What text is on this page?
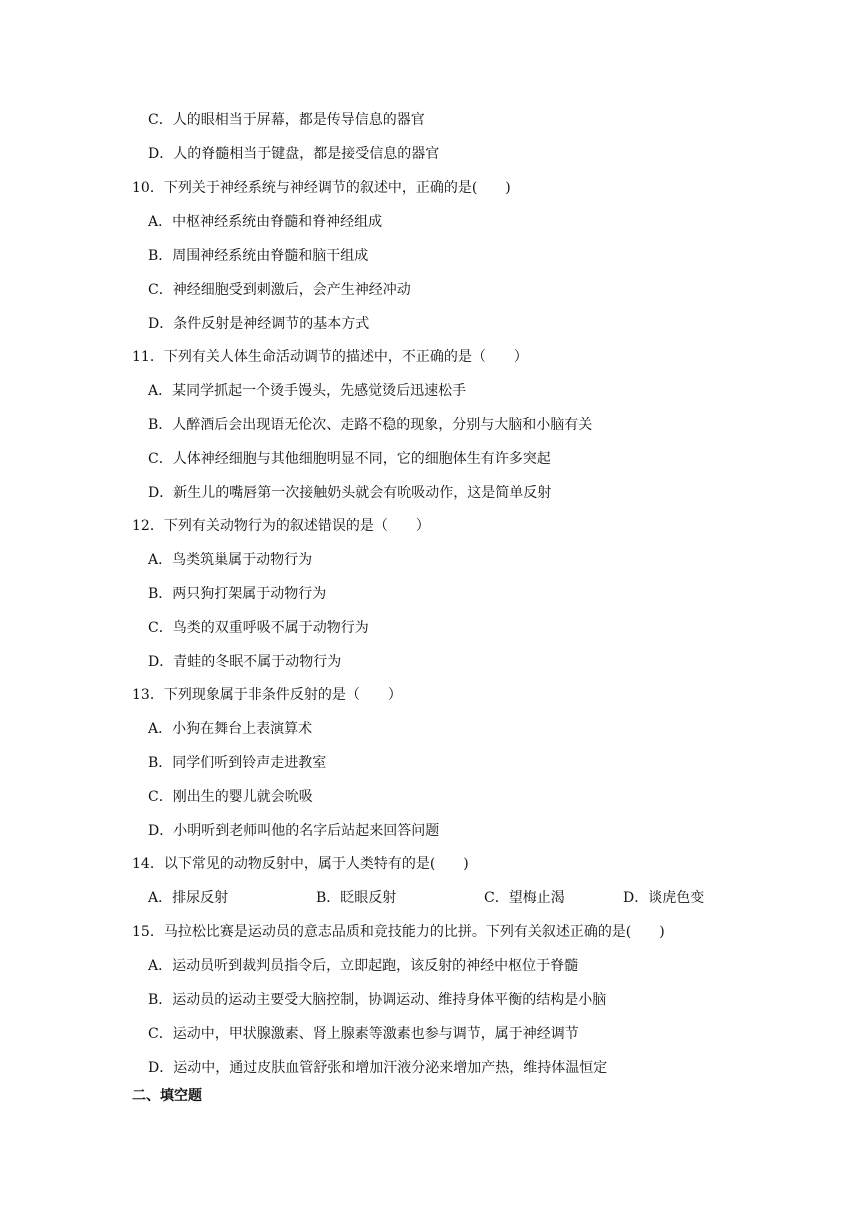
C．人的眼相当于屏幕，都是传导信息的器官
D．人的脊髓相当于键盘，都是接受信息的器官
10．下列关于神经系统与神经调节的叙述中，正确的是(　　)
A．中枢神经系统由脊髓和脊神经组成
B．周围神经系统由脊髓和脑干组成
C．神经细胞受到刺激后，会产生神经冲动
D．条件反射是神经调节的基本方式
11．下列有关人体生命活动调节的描述中，不正确的是（　　）
A．某同学抓起一个烫手馒头，先感觉烫后迅速松手
B．人醉酒后会出现语无伦次、走路不稳的现象，分别与大脑和小脑有关
C．人体神经细胞与其他细胞明显不同，它的细胞体生有许多突起
D．新生儿的嘴唇第一次接触奶头就会有吮吸动作，这是简单反射
12．下列有关动物行为的叙述错误的是（　　）
A．鸟类筑巢属于动物行为
B．两只狗打架属于动物行为
C．鸟类的双重呼吸不属于动物行为
D．青蛙的冬眠不属于动物行为
13．下列现象属于非条件反射的是（　　）
A．小狗在舞台上表演算术
B．同学们听到铃声走进教室
C．刚出生的婴儿就会吮吸
D．小明听到老师叫他的名字后站起来回答问题
14．以下常见的动物反射中，属于人类特有的是(　　)
A．排尿反射	B．眨眼反射	C．望梅止渴	D．谈虎色变
15．马拉松比赛是运动员的意志品质和竞技能力的比拼。下列有关叙述正确的是(　　)
A．运动员听到裁判员指令后，立即起跑，该反射的神经中枢位于脊髓
B．运动员的运动主要受大脑控制，协调运动、维持身体平衡的结构是小脑
C．运动中，甲状腺激素、肾上腺素等激素也参与调节，属于神经调节
D．运动中，通过皮肤血管舒张和增加汗液分泌来增加产热，维持体温恒定
二、填空题
